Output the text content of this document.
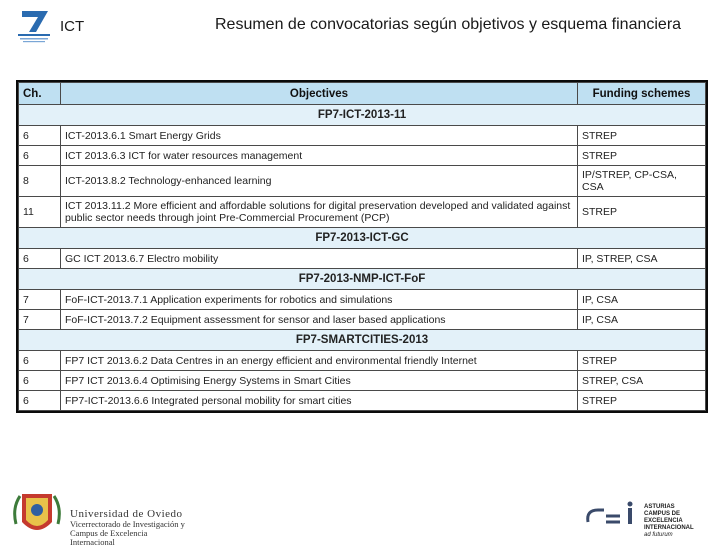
ICT	Resumen de convocatorias según objetivos y esquema financiera
Ch.	Objectives	Funding schemes
FP7-ICT-2013-11		
6	ICT-2013.6.1 Smart Energy Grids	STREP
6	ICT 2013.6.3 ICT for water resources management	STREP
8	ICT-2013.8.2 Technology-enhanced learning	IP/STREP, CP-CSA, CSA
11	ICT 2013.11.2 More efficient and affordable solutions for digital preservation developed and validated against public sector needs through joint Pre-Commercial Procurement (PCP)	STREP
FP7-2013-ICT-GC		
6	GC ICT 2013.6.7 Electro mobility	IP, STREP, CSA
FP7-2013-NMP-ICT-FoF		
7	FoF-ICT-2013.7.1 Application experiments for robotics and simulations	IP, CSA
7	FoF-ICT-2013.7.2 Equipment assessment for sensor and laser based applications	IP, CSA
FP7-SMARTCITIES-2013		
6	FP7 ICT 2013.6.2 Data Centres in an energy efficient and environmental friendly Internet	STREP
6	FP7 ICT 2013.6.4 Optimising Energy Systems in Smart Cities	STREP, CSA
6	FP7-ICT-2013.6.6 Integrated personal mobility for smart cities	STREP
Universidad de Oviedo
Vicerrectorado de Investigación y Campus de Excelencia Internacional
ASTURIAS
CAMPUS DE EXCELENCIA
INTERNACIONAL
ad futurum
